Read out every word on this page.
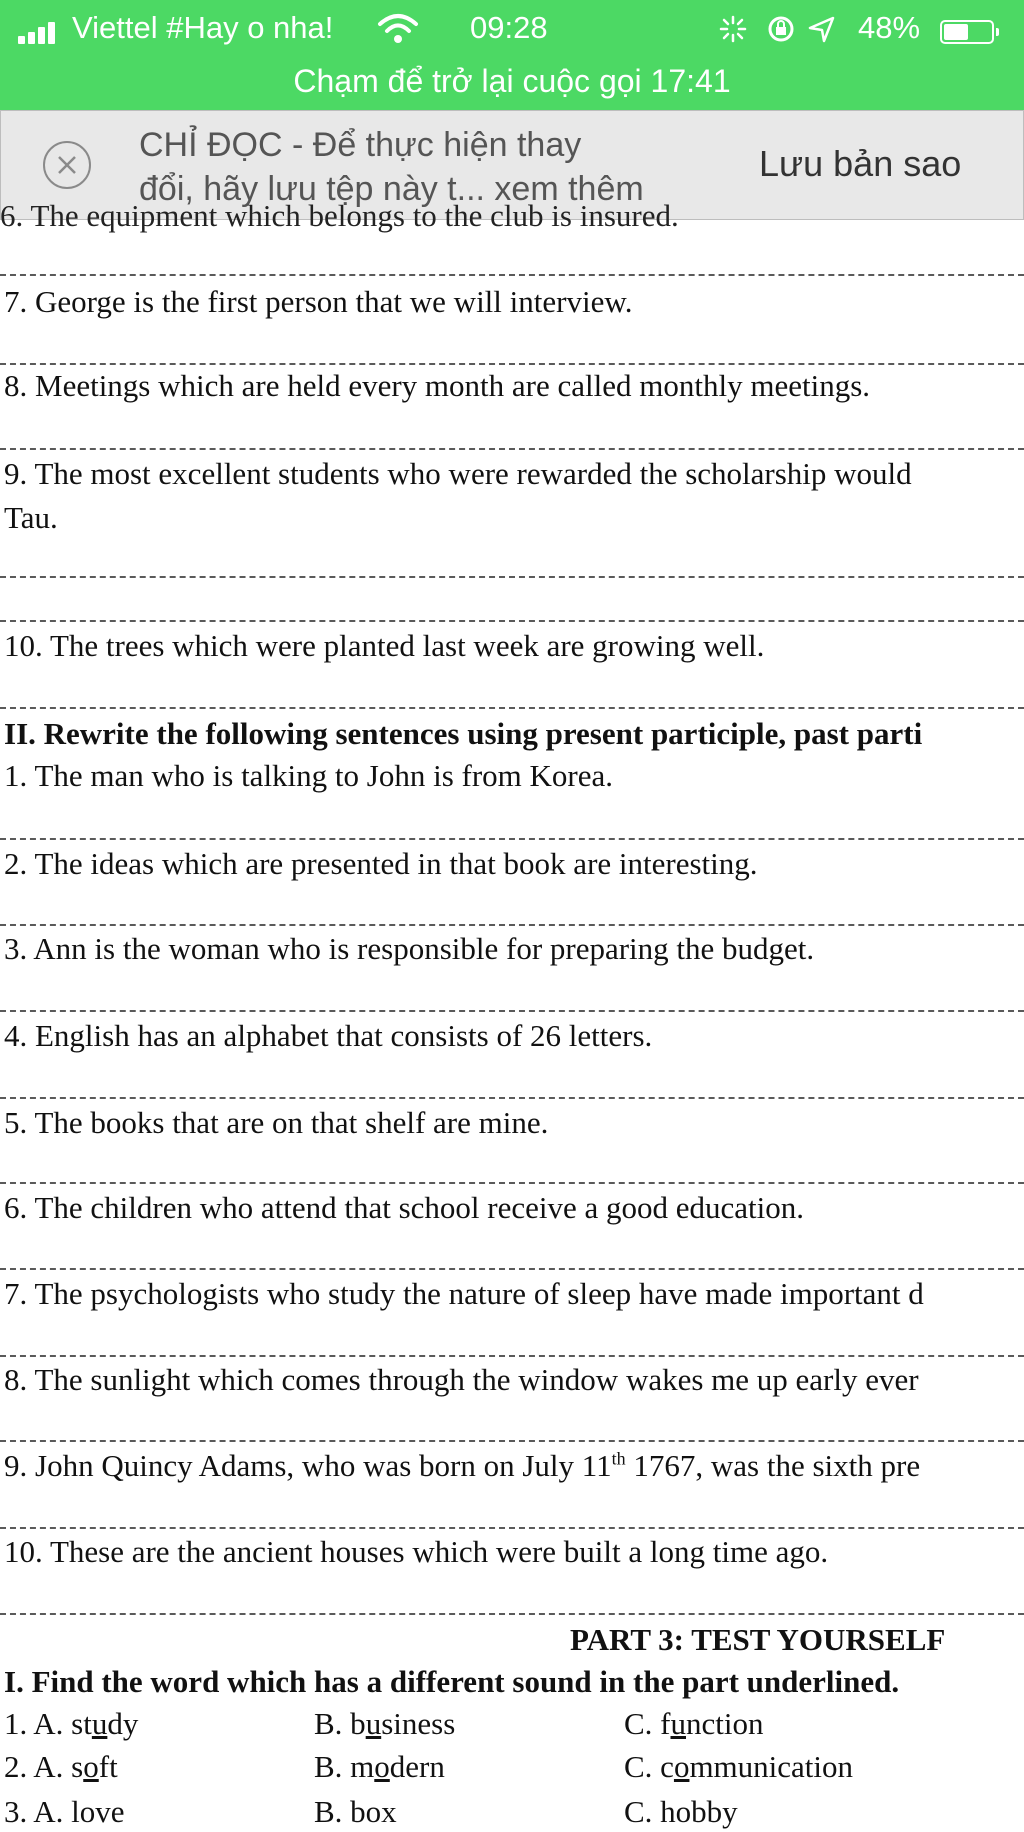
Viettel #Hay o nha!	09:28	48%
Chạm để trở lại cuộc gọi 17:41
CHỈ ĐỌC - Để thực hiện thay
đổi, hãy lưu tệp này t... xem thêm
Lưu bản sao
6. The equipment which belongs to the club is insured.
7. George is the first person that we will interview.
8. Meetings which are held every month are called monthly meetings.
9. The most excellent students who were rewarded the scholarship would
Tau.
10. The trees which were planted last week are growing well.
II. Rewrite the following sentences using present participle, past parti
1. The man who is talking to John is from Korea.
2. The ideas which are presented in that book are interesting.
3. Ann is the woman who is responsible for preparing the budget.
4. English has an alphabet that consists of 26 letters.
5. The books that are on that shelf are mine.
6. The children who attend that school receive a good education.
7. The psychologists who study the nature of sleep have made important d
8. The sunlight which comes through the window wakes me up early ever
9. John Quincy Adams, who was born on July 11th 1767, was the sixth pre
10. These are the ancient houses which were built a long time ago.
PART 3: TEST YOURSELF
I. Find the word which has a different sound in the part underlined.
1. A. study	B. business	C. function
2. A. soft	B. modern	C. communication
3. A. love	B. box	C. hobby
